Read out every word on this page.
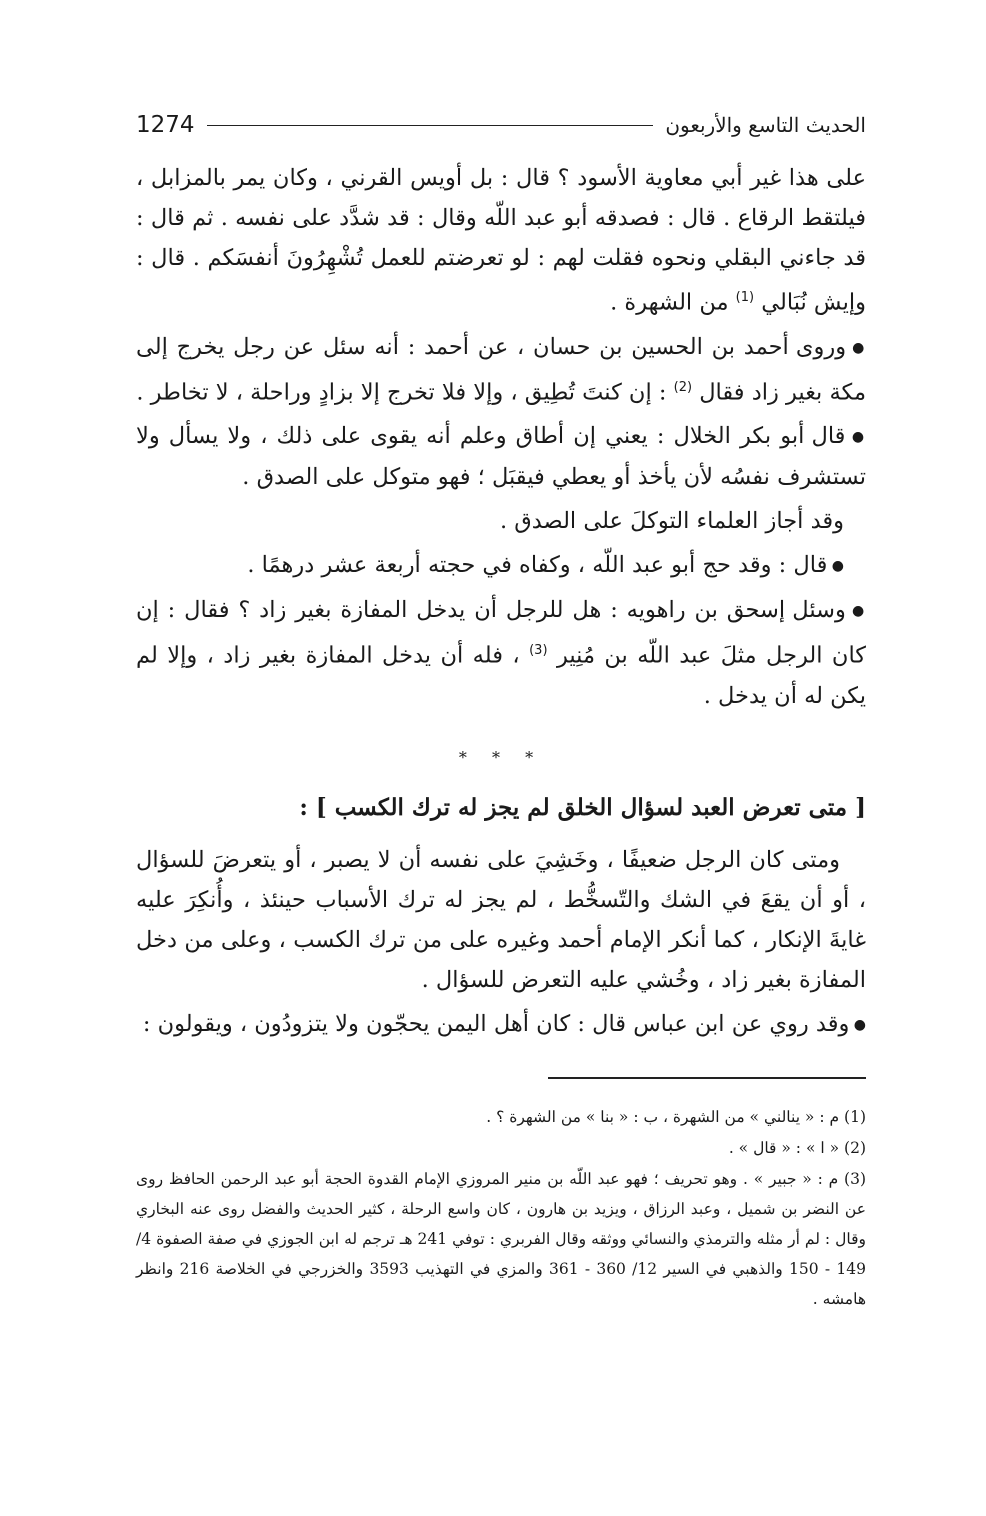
الحديث التاسع والأربعون
1274

على هذا غير أبي معاوية الأسود ؟ قال : بل أويس القرني ، وكان يمر بالمزابل ، فيلتقط الرقاع . قال : فصدقه أبو عبد اللّه وقال : قد شدَّد على نفسه . ثم قال : قد جاءني البقلي ونحوه فقلت لهم : لو تعرضتم للعمل تُشْهِرُونَ أنفسَكم . قال : وإيش نُبَالي $^{(1)}$ من الشهرة .

● وروى أحمد بن الحسين بن حسان ، عن أحمد : أنه سئل عن رجل يخرج إلى مكة بغير زاد فقال $^{(2)}$ : إن كنتَ تُطِيق ، وإلا فلا تخرج إلا بزادٍ وراحلة ، لا تخاطر .

● قال أبو بكر الخلال : يعني إن أطاق وعلم أنه يقوى على ذلك ، ولا يسأل ولا تستشرف نفسُه لأن يأخذ أو يعطي فيقبَل ؛ فهو متوكل على الصدق .

وقد أجاز العلماء التوكلَ على الصدق .

● قال : وقد حج أبو عبد اللّه ، وكفاه في حجته أربعة عشر درهمًا .

● وسئل إسحق بن راهويه : هل للرجل أن يدخل المفازة بغير زاد ؟ فقال : إن كان الرجل مثلَ عبد اللّه بن مُنِير $^{(3)}$ ، فله أن يدخل المفازة بغير زاد ، وإلا لم يكن له أن يدخل .

* * *

[ متى تعرض العبد لسؤال الخلق لم يجز له ترك الكسب ] :

ومتى كان الرجل ضعيفًا ، وخَشِيَ على نفسه أن لا يصبر ، أو يتعرضَ للسؤال ، أو أن يقعَ في الشك والتّسخُّط ، لم يجز له ترك الأسباب حينئذ ، وأُنكِرَ عليه غايةَ الإنكار ، كما أنكر الإمام أحمد وغيره على من ترك الكسب ، وعلى من دخل المفازة بغير زاد ، وخُشي عليه التعرض للسؤال .

● وقد روي عن ابن عباس قال : كان أهل اليمن يحجّون ولا يتزودُون ، ويقولون :

(1) م : « ينالني » من الشهرة ، ب : « بنا » من الشهرة ؟ .

(2) « ا » : « قال » .

(3) م : « جبير » . وهو تحريف ؛ فهو عبد اللّه بن منير المروزي الإمام القدوة الحجة أبو عبد الرحمن الحافظ روى عن النضر بن شميل ، وعبد الرزاق ، ويزيد بن هارون ، كان واسع الرحلة ، كثير الحديث والفضل روى عنه البخاري وقال : لم أر مثله والترمذي والنسائي ووثقه وقال الفربري : توفي 241 هـ ترجم له ابن الجوزي في صفة الصفوة 4/ 149 - 150 والذهبي في السير 12/ 360 - 361 والمزي في التهذيب 3593 والخزرجي في الخلاصة 216 وانظر هامشه .
